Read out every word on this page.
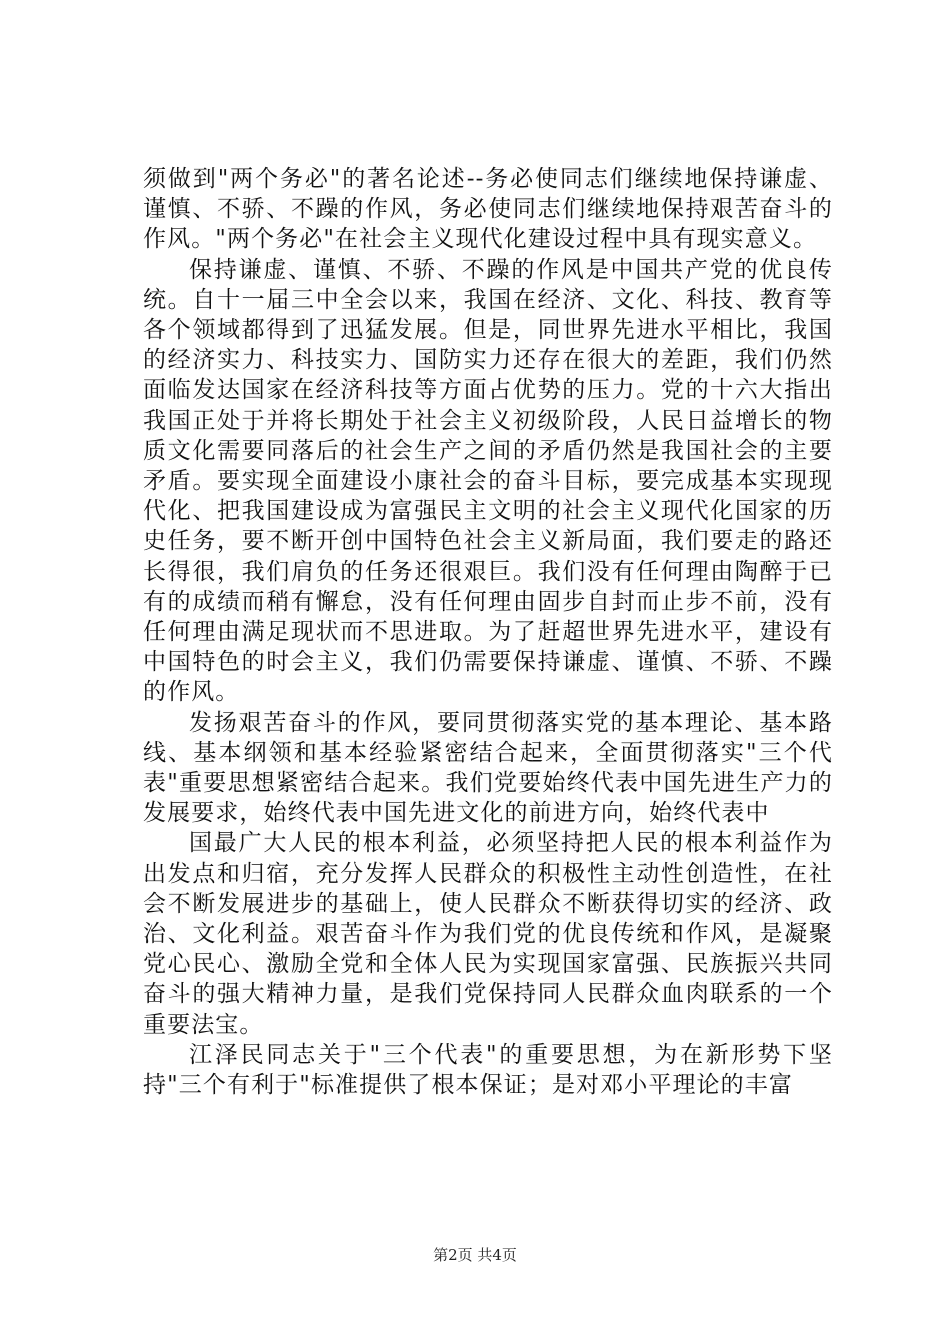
须做到"两个务必"的著名论述--务必使同志们继续地保持谦虚、谨慎、不骄、不躁的作风，务必使同志们继续地保持艰苦奋斗的作风。"两个务必"在社会主义现代化建设过程中具有现实意义。

保持谦虚、谨慎、不骄、不躁的作风是中国共产党的优良传统。自十一届三中全会以来，我国在经济、文化、科技、教育等各个领域都得到了迅猛发展。但是，同世界先进水平相比，我国的经济实力、科技实力、国防实力还存在很大的差距，我们仍然面临发达国家在经济科技等方面占优势的压力。党的十六大指出我国正处于并将长期处于社会主义初级阶段，人民日益增长的物质文化需要同落后的社会生产之间的矛盾仍然是我国社会的主要矛盾。要实现全面建设小康社会的奋斗目标，要完成基本实现现代化、把我国建设成为富强民主文明的社会主义现代化国家的历史任务，要不断开创中国特色社会主义新局面，我们要走的路还长得很，我们肩负的任务还很艰巨。我们没有任何理由陶醉于已有的成绩而稍有懈怠，没有任何理由固步自封而止步不前，没有任何理由满足现状而不思进取。为了赶超世界先进水平，建设有中国特色的时会主义，我们仍需要保持谦虚、谨慎、不骄、不躁的作风。

发扬艰苦奋斗的作风，要同贯彻落实党的基本理论、基本路线、基本纲领和基本经验紧密结合起来，全面贯彻落实"三个代表"重要思想紧密结合起来。我们党要始终代表中国先进生产力的发展要求，始终代表中国先进文化的前进方向，始终代表中

国最广大人民的根本利益，必须坚持把人民的根本利益作为出发点和归宿，充分发挥人民群众的积极性主动性创造性，在社会不断发展进步的基础上，使人民群众不断获得切实的经济、政治、文化利益。艰苦奋斗作为我们党的优良传统和作风，是凝聚党心民心、激励全党和全体人民为实现国家富强、民族振兴共同奋斗的强大精神力量，是我们党保持同人民群众血肉联系的一个重要法宝。

江泽民同志关于"三个代表"的重要思想，为在新形势下坚持"三个有利于"标准提供了根本保证；是对邓小平理论的丰富

第2页 共4页
